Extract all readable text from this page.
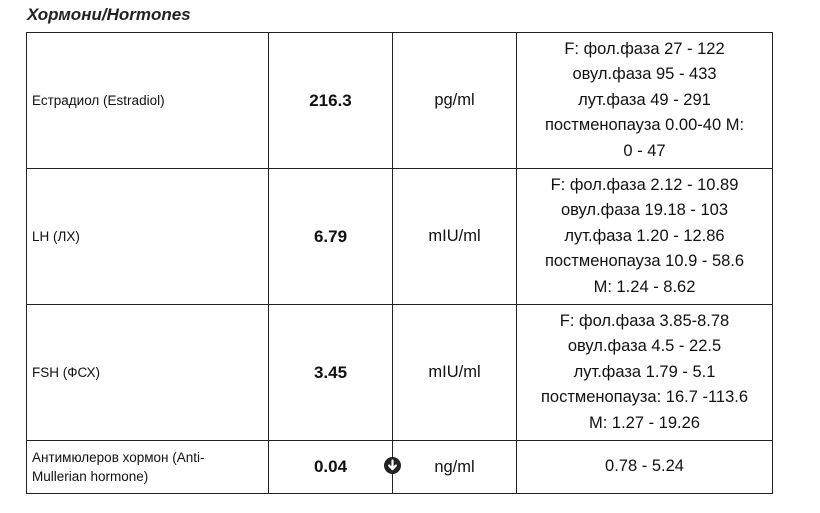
Хормони/Hormones
Естрадиол (Estradiol)	216.3	pg/ml	F: фол.фаза 27 - 122
овул.фаза 95 - 433
лут.фаза 49 - 291
постменопауза 0.00-40 M:
0 - 47

LH (ЛХ)	6.79	mIU/ml	F: фол.фаза 2.12 - 10.89
овул.фаза 19.18 - 103
лут.фаза 1.20 - 12.86
постменопауза 10.9 - 58.6
M: 1.24 - 8.62

FSH (ФСХ)	3.45	mIU/ml	F: фол.фаза 3.85-8.78
овул.фаза 4.5 - 22.5
лут.фаза 1.79 - 5.1
постменопауза: 16.7 -113.6
M: 1.27 - 19.26

Антимюлеров хормон (Anti-
Mullerian hormone)	0.04	ng/ml	0.78 - 5.24
